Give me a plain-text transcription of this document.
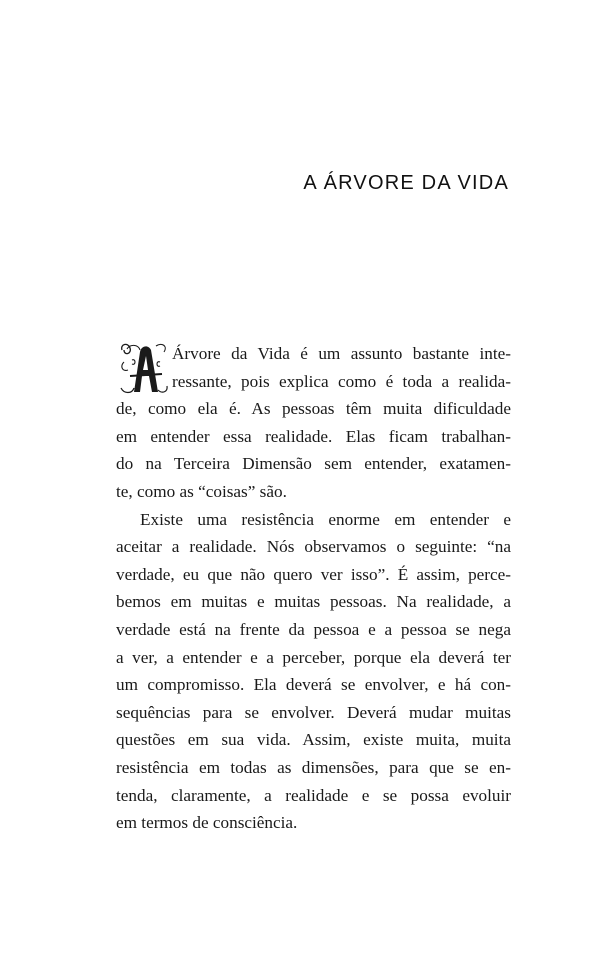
A ÁRVORE DA VIDA
Árvore da Vida é um assunto bastante inte-
ressante, pois explica como é toda a realida-
de, como ela é. As pessoas têm muita dificuldade
em entender essa realidade. Elas ficam trabalhan-
do na Terceira Dimensão sem entender, exatamen-
te, como as “coisas” são.
Existe uma resistência enorme em entender e
aceitar a realidade. Nós observamos o seguinte: “na
verdade, eu que não quero ver isso”. É assim, perce-
bemos em muitas e muitas pessoas. Na realidade, a
verdade está na frente da pessoa e a pessoa se nega
a ver, a entender e a perceber, porque ela deverá ter
um compromisso. Ela deverá se envolver, e há con-
sequências para se envolver. Deverá mudar muitas
questões em sua vida. Assim, existe muita, muita
resistência em todas as dimensões, para que se en-
tenda, claramente, a realidade e se possa evoluir
em termos de consciência.
